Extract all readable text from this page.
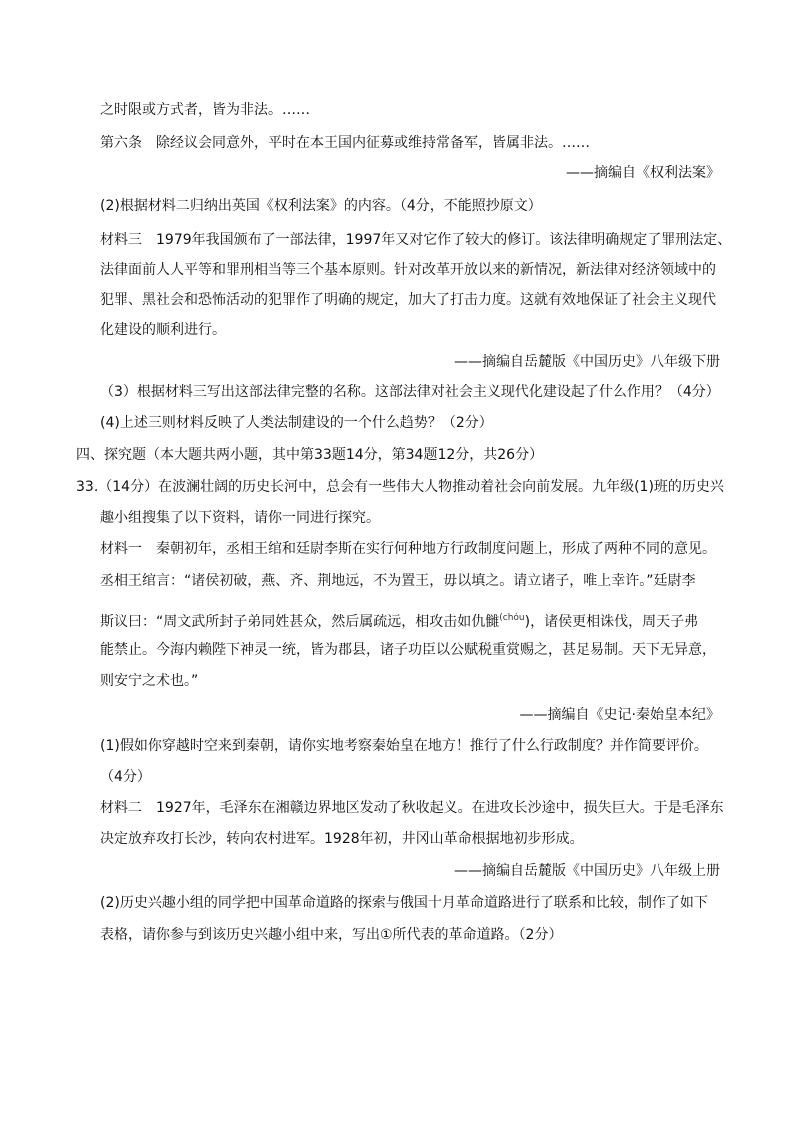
之时限或方式者，皆为非法。……
第六条　除经议会同意外，平时在本王国内征募或维持常备军，皆属非法。……
——摘编自《权利法案》
(2)根据材料二归纳出英国《权利法案》的内容。（4分，不能照抄原文）
材料三　1979年我国颁布了一部法律，1997年又对它作了较大的修订。该法律明确规定了罪刑法定、
法律面前人人平等和罪刑相当等三个基本原则。针对改革开放以来的新情况，新法律对经济领域中的
犯罪、黑社会和恐怖活动的犯罪作了明确的规定，加大了打击力度。这就有效地保证了社会主义现代
化建设的顺利进行。
——摘编自岳麓版《中国历史》八年级下册
（3）根据材料三写出这部法律完整的名称。这部法律对社会主义现代化建设起了什么作用？（4分）
(4)上述三则材料反映了人类法制建设的一个什么趋势？（2分）
四、探究题（本大题共两小题，其中第33题14分，第34题12分，共26分）
33.（14分）在波澜壮阔的历史长河中，总会有一些伟大人物推动着社会向前发展。九年级(1)班的历史兴
趣小组搜集了以下资料，请你一同进行探究。
材料一　秦朝初年，丞相王绾和廷尉李斯在实行何种地方行政制度问题上，形成了两种不同的意见。
丞相王绾言：“诸侯初破，燕、齐、荆地远，不为置王，毋以填之。请立诸子，唯上幸许。”廷尉李
斯议曰：“周文武所封子弟同姓甚众，然后属疏远，相攻击如仇雠$^{(chóu}$)，诸侯更相诛伐，周天子弗
能禁止。今海内赖陛下神灵一统，皆为郡县，诸子功臣以公赋税重赏赐之，甚足易制。天下无异意，
则安宁之术也。”
——摘编自《史记·秦始皇本纪》
(1)假如你穿越时空来到秦朝，请你实地考察秦始皇在地方！推行了什么行政制度？并作简要评价。
（4分）
材料二　1927年，毛泽东在湘赣边界地区发动了秋收起义。在进攻长沙途中，损失巨大。于是毛泽东
决定放弃攻打长沙，转向农村进军。1928年初，井冈山革命根据地初步形成。
——摘编自岳麓版《中国历史》八年级上册
(2)历史兴趣小组的同学把中国革命道路的探索与俄国十月革命道路进行了联系和比较，制作了如下
表格，请你参与到该历史兴趣小组中来，写出①所代表的革命道路。（2分）
